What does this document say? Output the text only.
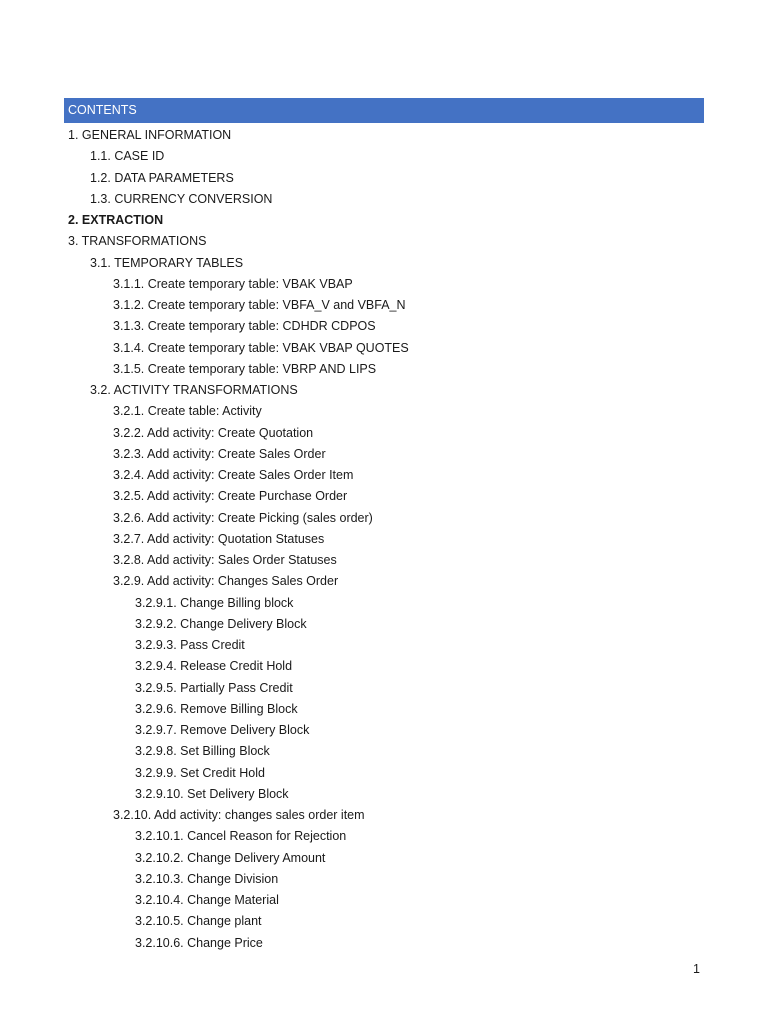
CONTENTS
1. GENERAL INFORMATION
1.1. CASE ID
1.2. DATA PARAMETERS
1.3. CURRENCY CONVERSION
2. EXTRACTION
3. TRANSFORMATIONS
3.1. TEMPORARY TABLES
3.1.1. Create temporary table: VBAK VBAP
3.1.2. Create temporary table: VBFA_V and VBFA_N
3.1.3. Create temporary table: CDHDR CDPOS
3.1.4. Create temporary table: VBAK VBAP QUOTES
3.1.5. Create temporary table: VBRP AND LIPS
3.2. ACTIVITY TRANSFORMATIONS
3.2.1. Create table: Activity
3.2.2. Add activity: Create Quotation
3.2.3. Add activity: Create Sales Order
3.2.4. Add activity: Create Sales Order Item
3.2.5. Add activity: Create Purchase Order
3.2.6. Add activity: Create Picking (sales order)
3.2.7. Add activity: Quotation Statuses
3.2.8. Add activity: Sales Order Statuses
3.2.9. Add activity: Changes Sales Order
3.2.9.1. Change Billing block
3.2.9.2. Change Delivery Block
3.2.9.3. Pass Credit
3.2.9.4. Release Credit Hold
3.2.9.5. Partially Pass Credit
3.2.9.6. Remove Billing Block
3.2.9.7. Remove Delivery Block
3.2.9.8. Set Billing Block
3.2.9.9. Set Credit Hold
3.2.9.10. Set Delivery Block
3.2.10. Add activity: changes sales order item
3.2.10.1. Cancel Reason for Rejection
3.2.10.2. Change Delivery Amount
3.2.10.3. Change Division
3.2.10.4. Change Material
3.2.10.5. Change plant
3.2.10.6. Change Price
1
